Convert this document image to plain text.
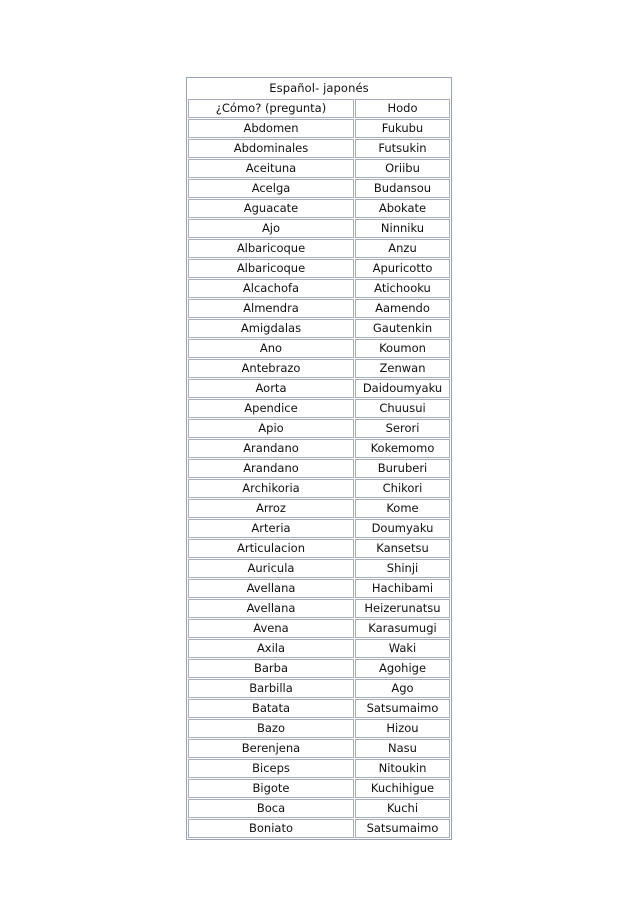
Español- japonés
¿Cómo? (pregunta)	Hodo
Abdomen	Fukubu
Abdominales	Futsukin
Aceituna	Oriibu
Acelga	Budansou
Aguacate	Abokate
Ajo	Ninniku
Albaricoque	Anzu
Albaricoque	Apuricotto
Alcachofa	Atichooku
Almendra	Aamendo
Amigdalas	Gautenkin
Ano	Koumon
Antebrazo	Zenwan
Aorta	Daidoumyaku
Apendice	Chuusui
Apio	Serori
Arandano	Kokemomo
Arandano	Buruberi
Archikoria	Chikori
Arroz	Kome
Arteria	Doumyaku
Articulacion	Kansetsu
Auricula	Shinji
Avellana	Hachibami
Avellana	Heizerunatsu
Avena	Karasumugi
Axila	Waki
Barba	Agohige
Barbilla	Ago
Batata	Satsumaimo
Bazo	Hizou
Berenjena	Nasu
Biceps	Nitoukin
Bigote	Kuchihigue
Boca	Kuchi
Boniato	Satsumaimo
